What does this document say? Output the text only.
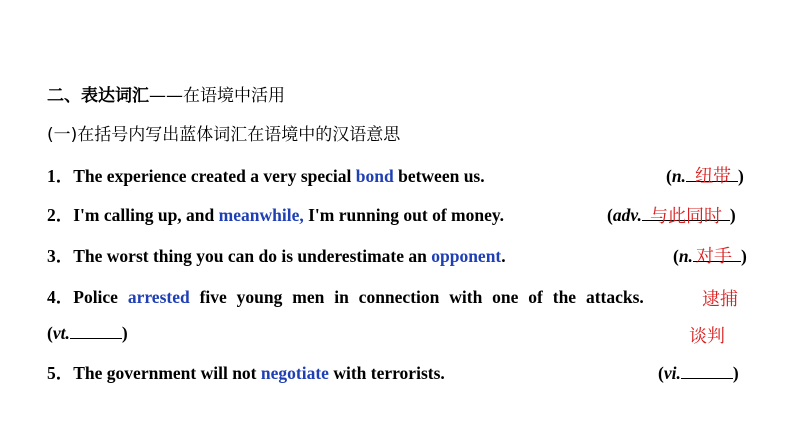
二、表达词汇——在语境中活用
(一)在括号内写出蓝体词汇在语境中的汉语意思
1．The experience created a very special bond between us.	(n.	)
纽带
2．I'm calling up, and meanwhile, I'm running out of money.	(adv.	)
与此同时
3．The worst thing you can do is underestimate an opponent.	(n.	)
对手
4．Police arrested five young men in connection with one of the attacks.
(vt.	)
逮捕
谈判
5．The government will not negotiate with terrorists.	(vi.	)
